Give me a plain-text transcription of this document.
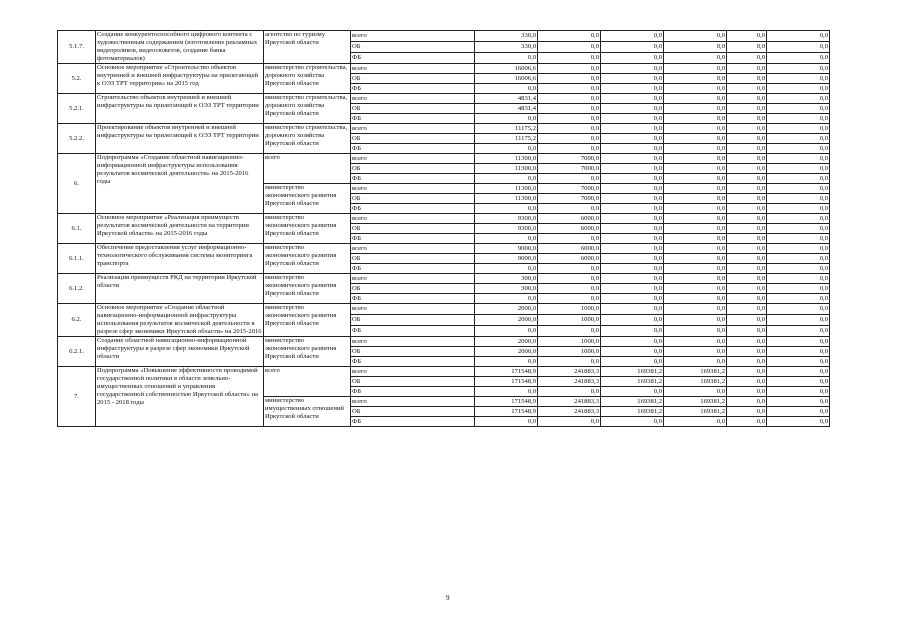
5.1.7.	Создание конкурентоспособного цифрового контента с художественным содержанием (изготовление рекламных видеороликов, видеосюжетов, создание банка фотоматериалов)	агентство по туризму Иркутской области	всего	330,0	0,0	0,0	0,0	0,0	0,0	
			ОБ	330,0	0,0	0,0	0,0	0,0	0,0	
			ФБ	0,0	0,0	0,0	0,0	0,0	0,0	
5.2.	Основное мероприятие «Строительство объектов внутренней и внешней инфраструктуры на прилегающей к ОЭЗ ТРТ территории» на 2015 год	министерство строительства, дорожного хозяйства Иркутской области	всего	16006,6	0,0	0,0	0,0	0,0	0,0	
			ОБ	16006,6	0,0	0,0	0,0	0,0	0,0	
			ФБ	0,0	0,0	0,0	0,0	0,0	0,0	
5.2.1.	Строительство объектов внутренней и внешней инфраструктуры на прилегающей к ОЭЗ ТРТ территории	министерство строительства, дорожного хозяйства Иркутской области	всего	4831,4	0,0	0,0	0,0	0,0	0,0	
			ОБ	4831,4	0,0	0,0	0,0	0,0	0,0	
			ФБ	0,0	0,0	0,0	0,0	0,0	0,0	
5.2.2.	Проектирование объектов внутренней и внешней инфраструктуры на прилегающей к ОЭЗ ТРТ территории	министерство строительства, дорожного хозяйства Иркутской области	всего	11175,2	0,0	0,0	0,0	0,0	0,0	
			ОБ	11175,2	0,0	0,0	0,0	0,0	0,0	
			ФБ	0,0	0,0	0,0	0,0	0,0	0,0	
6.	Подпрограмма «Создание областной навигационно-информационной инфраструктуры использования результатов космической деятельности» на 2015-2016 годы	всего	всего	11300,0	7000,0	0,0	0,0	0,0	0,0	
			ОБ	11300,0	7000,0	0,0	0,0	0,0	0,0	
			ФБ	0,0	0,0	0,0	0,0	0,0	0,0	
		министерство экономического развития Иркутской области	всего	11300,0	7000,0	0,0	0,0	0,0	0,0	
			ОБ	11300,0	7000,0	0,0	0,0	0,0	0,0	
			ФБ	0,0	0,0	0,0	0,0	0,0	0,0	
6.1.	Основное мероприятие «Реализация преимуществ результатов космической деятельности на территории Иркутской области» на 2015-2016 годы	министерство экономического развития Иркутской области	всего	9300,0	6000,0	0,0	0,0	0,0	0,0	
			ОБ	9300,0	6000,0	0,0	0,0	0,0	0,0	
			ФБ	0,0	0,0	0,0	0,0	0,0	0,0	
6.1.1.	Обеспечение предоставления услуг информационно-технологического обслуживания системы мониторинга транспорта	министерство экономического развития Иркутской области	всего	9000,0	6000,0	0,0	0,0	0,0	0,0	
			ОБ	9000,0	6000,0	0,0	0,0	0,0	0,0	
			ФБ	0,0	0,0	0,0	0,0	0,0	0,0	
6.1.2.	Реализация преимуществ РКД на территории Иркутской области	министерство экономического развития Иркутской области	всего	300,0	0,0	0,0	0,0	0,0	0,0	
			ОБ	300,0	0,0	0,0	0,0	0,0	0,0	
			ФБ	0,0	0,0	0,0	0,0	0,0	0,0	
6.2.	Основное мероприятие «Создание областной навигационно-информационной инфраструктуры использования результатов космической деятельности в разрезе сфер экономики Иркутской области» на 2015-2016	министерство экономического развития Иркутской области	всего	2000,0	1000,0	0,0	0,0	0,0	0,0	
			ОБ	2000,0	1000,0	0,0	0,0	0,0	0,0	
			ФБ	0,0	0,0	0,0	0,0	0,0	0,0	
6.2.1.	Создание областной навигационно-информационной инфраструктуры в разрезе сфер экономики Иркутской области	министерство экономического развития Иркутской области	всего	2000,0	1000,0	0,0	0,0	0,0	0,0	
			ОБ	2000,0	1000,0	0,0	0,0	0,0	0,0	
			ФБ	0,0	0,0	0,0	0,0	0,0	0,0	
7.	Подпрограмма «Повышение эффективности проводимой государственной политики в области земельно-имущественных отношений и управления государственной собственностью Иркутской области» на 2015 - 2018 годы	всего	всего	171548,9	241883,3	169381,2	169381,2	0,0	0,0	
			ОБ	171548,9	241883,3	169381,2	169381,2	0,0	0,0	
			ФБ	0,0	0,0	0,0	0,0	0,0	0,0	
		министерство имущественных отношений Иркутской области	всего	171548,9	241883,3	169381,2	169381,2	0,0	0,0	
			ОБ	171548,9	241883,3	169381,2	169381,2	0,0	0,0	
			ФБ	0,0	0,0	0,0	0,0	0,0	0,0	
9
